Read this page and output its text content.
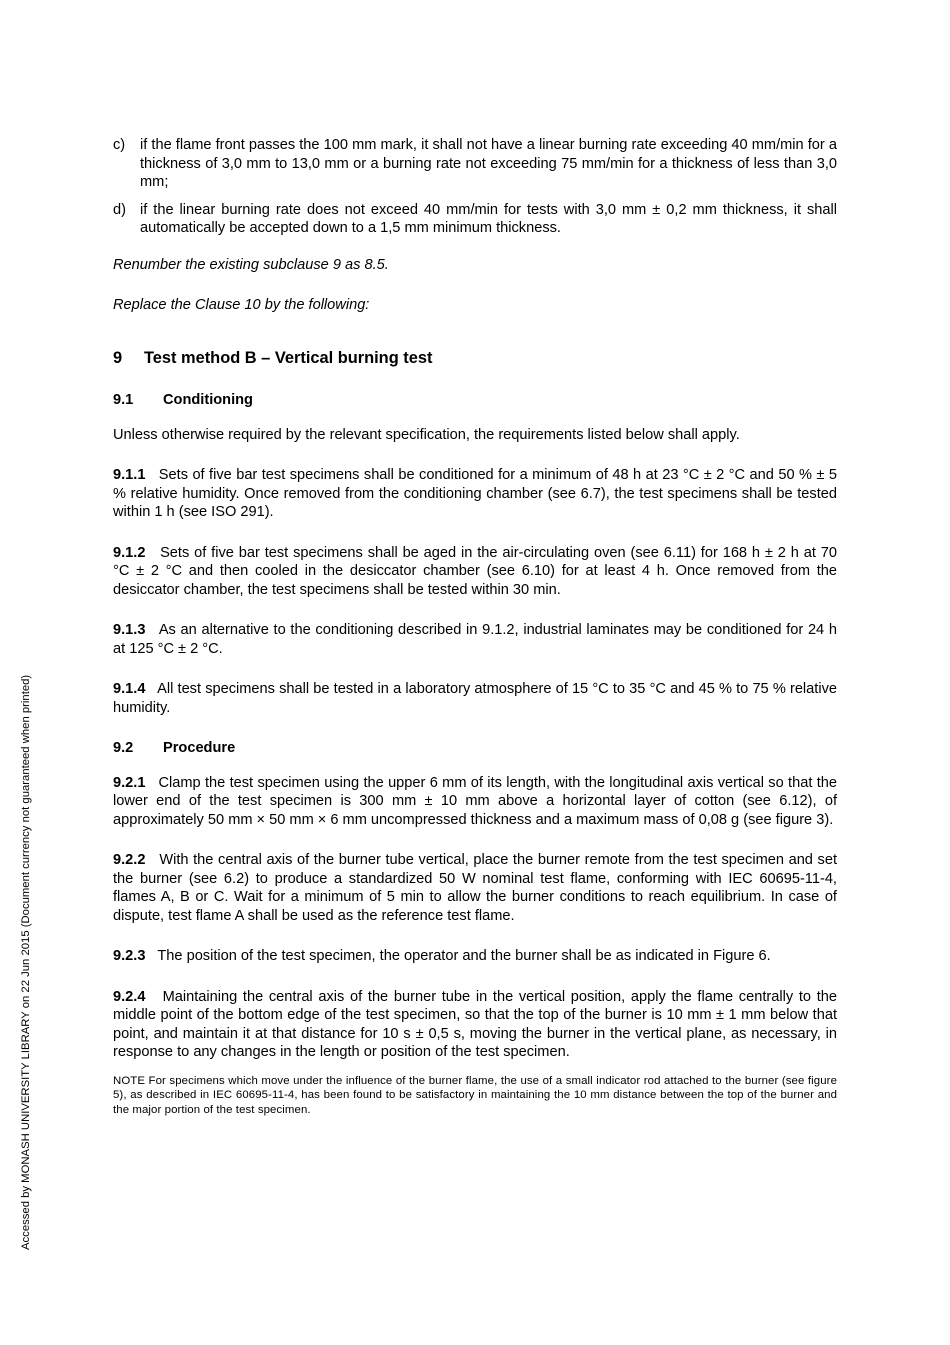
c) if the flame front passes the 100 mm mark, it shall not have a linear burning rate exceeding 40 mm/min for a thickness of 3,0 mm to 13,0 mm or a burning rate not exceeding 75 mm/min for a thickness of less than 3,0 mm;
d) if the linear burning rate does not exceed 40 mm/min for tests with 3,0 mm ± 0,2 mm thickness, it shall automatically be accepted down to a 1,5 mm minimum thickness.

Renumber the existing subclause 9 as 8.5.

Replace the Clause 10 by the following:

9 Test method B – Vertical burning test

9.1 Conditioning

Unless otherwise required by the relevant specification, the requirements listed below shall apply.

9.1.1 Sets of five bar test specimens shall be conditioned for a minimum of 48 h at 23 °C ± 2 °C and 50 % ± 5 % relative humidity. Once removed from the conditioning chamber (see 6.7), the test specimens shall be tested within 1 h (see ISO 291).

9.1.2 Sets of five bar test specimens shall be aged in the air-circulating oven (see 6.11) for 168 h ± 2 h at 70 °C ± 2 °C and then cooled in the desiccator chamber (see 6.10) for at least 4 h. Once removed from the desiccator chamber, the test specimens shall be tested within 30 min.

9.1.3 As an alternative to the conditioning described in 9.1.2, industrial laminates may be conditioned for 24 h at 125 °C ± 2 °C.

9.1.4 All test specimens shall be tested in a laboratory atmosphere of 15 °C to 35 °C and 45 % to 75 % relative humidity.

9.2 Procedure

9.2.1 Clamp the test specimen using the upper 6 mm of its length, with the longitudinal axis vertical so that the lower end of the test specimen is 300 mm ± 10 mm above a horizontal layer of cotton (see 6.12), of approximately 50 mm × 50 mm × 6 mm uncompressed thickness and a maximum mass of 0,08 g (see figure 3).

9.2.2 With the central axis of the burner tube vertical, place the burner remote from the test specimen and set the burner (see 6.2) to produce a standardized 50 W nominal test flame, conforming with IEC 60695-11-4, flames A, B or C. Wait for a minimum of 5 min to allow the burner conditions to reach equilibrium. In case of dispute, test flame A shall be used as the reference test flame.

9.2.3 The position of the test specimen, the operator and the burner shall be as indicated in Figure 6.

9.2.4 Maintaining the central axis of the burner tube in the vertical position, apply the flame centrally to the middle point of the bottom edge of the test specimen, so that the top of the burner is 10 mm ± 1 mm below that point, and maintain it at that distance for 10 s ± 0,5 s, moving the burner in the vertical plane, as necessary, in response to any changes in the length or position of the test specimen.

NOTE For specimens which move under the influence of the burner flame, the use of a small indicator rod attached to the burner (see figure 5), as described in IEC 60695-11-4, has been found to be satisfactory in maintaining the 10 mm distance between the top of the burner and the major portion of the test specimen.

Accessed by MONASH UNIVERSITY LIBRARY on 22 Jun 2015 (Document currency not guaranteed when printed)
